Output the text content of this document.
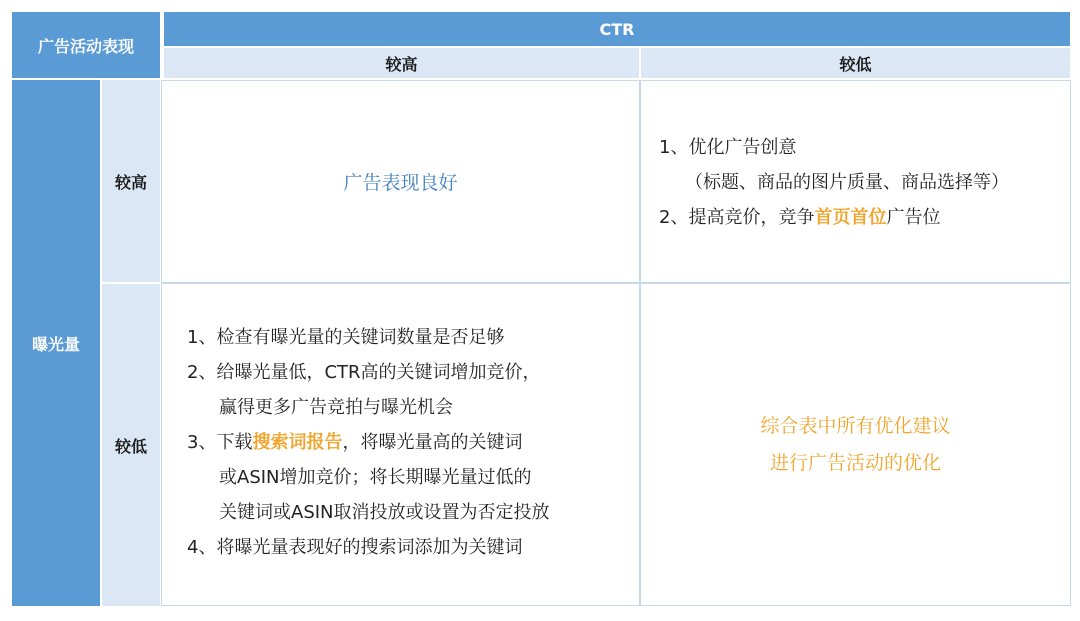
广告活动表现
CTR
较高	较低
曝光量
较高
较低
广告表现良好
1、优化广告创意
（标题、商品的图片质量、商品选择等）
2、提高竞价，竞争首页首位广告位
1、检查有曝光量的关键词数量是否足够
2、给曝光量低，CTR高的关键词增加竞价，
赢得更多广告竞拍与曝光机会
3、下载搜索词报告，将曝光量高的关键词
或ASIN增加竞价；将长期曝光量过低的
关键词或ASIN取消投放或设置为否定投放
4、将曝光量表现好的搜索词添加为关键词
综合表中所有优化建议
进行广告活动的优化
